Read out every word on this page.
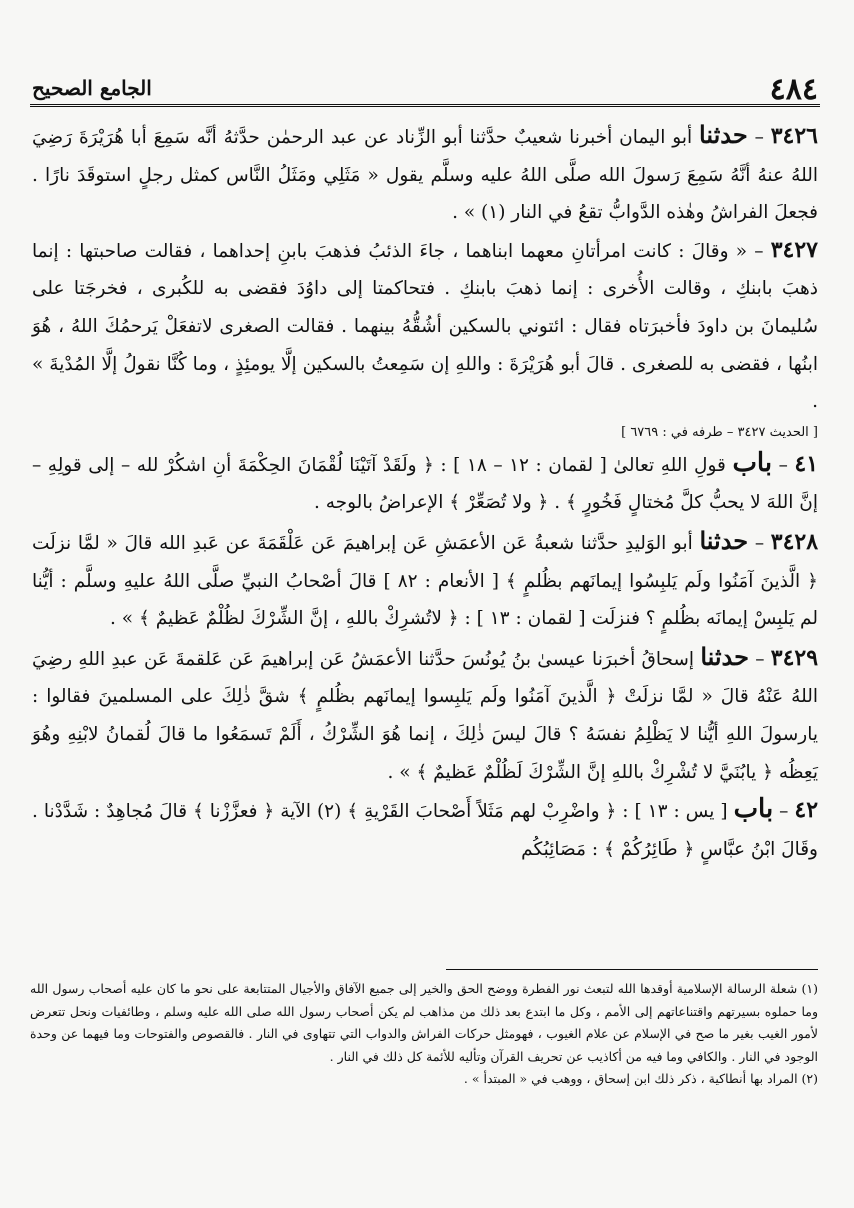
٤٨٤
الجامع الصحيح

٣٤٢٦ – حدثنا أبو اليمان أخبرنا شعيبٌ حدَّثنا أبو الزِّناد عن عبد الرحمٰن حدَّثهُ أنَّه سَمِعَ أبا هُرَيْرَةَ رَضِيَ اللهُ عنهُ أنَّهُ سَمِعَ رَسولَ الله صلَّى اللهُ عليه وسلَّم يقول « مَثَلِي ومَثَلُ النَّاس كمثل رجلٍ استوقَدَ نارًا . فجعلَ الفراشُ وهٰذه الدَّوابُّ تقعُ في النار (١) » .

٣٤٢٧ – « وقالَ : كانت امرأتانِ معهما ابناهما ، جاءَ الذئبُ فذهبَ بابنِ إحداهما ، فقالت صاحبتها : إنما ذهبَ بابنكِ ، وقالت الأُخرى : إنما ذهبَ بابنكِ . فتحاكمتا إلى داوُدَ فقضى به للكُبرى ، فخرجَتا على سُليمانَ بن داودَ فأخبرَتاه فقال : ائتوني بالسكين أشُقُّهُ بينهما . فقالت الصغرى لاتفعَلْ يَرحمُكَ اللهُ ، هُوَ ابنُها ، فقضى به للصغرى . قالَ أبو هُرَيْرَةَ : واللهِ إن سَمِعتُ بالسكين إلَّا يومئِذٍ ، وما كُنَّا نقولُ إلَّا المُدْيةَ » .
[ الحديث ٣٤٢٧ – طرفه في : ٦٧٦٩ ]

٤١ – باب قولِ اللهِ تعالىٰ [ لقمان : ١٢ – ١٨ ] : ﴿ ولَقَدْ آتَيْنَا لُقْمَانَ الحِكْمَةَ أنِ اشكُرْ لله – إلى قولِهِ – إنَّ اللهَ لا يحبُّ كلَّ مُختالٍ فَخُورٍ ﴾ . ﴿ ولا تُصَعِّرْ ﴾ الإعراضُ بالوجه .

٣٤٢٨ – حدثنا أبو الوَليدِ حدَّثنا شعبةُ عَن الأعمَشِ عَن إبراهيمَ عَن عَلْقَمَةَ عن عَبدِ الله قالَ « لمَّا نزلَت ﴿ الَّذينَ آمَنُوا ولَم يَلبِسُوا إيمانَهم بظُلمٍ ﴾ [ الأنعام : ٨٢ ] قالَ أصْحابُ النبيِّ صلَّى اللهُ عليهِ وسلَّم : أيُّنا لم يَلبِسْ إيمانَه بظُلمٍ ؟ فنزلَت [ لقمان : ١٣ ] : ﴿ لاتُشرِكْ باللهِ ، إنَّ الشِّرْكَ لظُلْمٌ عَظيمٌ ﴾ » .

٣٤٢٩ – حدثنا إسحاقُ أخبرَنا عيسىٰ بنُ يُونُسَ حدَّثنا الأعمَشُ عَن إبراهيمَ عَن عَلقمةَ عَن عبدِ اللهِ رضِيَ اللهُ عَنْهُ قالَ « لمَّا نزلَتْ ﴿ الَّذينَ آمَنُوا ولَم يَلبِسوا إيمانَهم بظُلمٍ ﴾ شقَّ ذٰلِكَ على المسلمينَ فقالوا : يارسولَ اللهِ أيُّنا لا يَظْلِمُ نفسَهُ ؟ قالَ ليسَ ذٰلِكَ ، إنما هُوَ الشِّرْكُ ، أَلَمْ تَسمَعُوا ما قالَ لُقمانُ لابْنِهِ وهُوَ يَعِظُه ﴿ يابُنَيَّ لا تُشْرِكْ باللهِ إنَّ الشِّرْكَ لَظُلْمٌ عَظيمٌ ﴾ » .

٤٢ – باب [ يس : ١٣ ] : ﴿ واضْرِبْ لهم مَثَلاً أَصْحابَ القَرْيةِ ﴾ (٢) الآية ﴿ فعزَّزْنا ﴾ قالَ مُجاهِدٌ : شَدَّدْنا . وقَالَ ابْنُ عبَّاسٍ ﴿ طَائِرُكُمْ ﴾ : مَصَائِبُكُم

(١) شعلة الرسالة الإسلامية أوقدها الله لتبعث نور الفطرة ووضح الحق والخير إلى جميع الآفاق والأجيال المتتابعة على نحو ما كان عليه أصحاب رسول الله وما حملوه بسيرتهم واقتناعاتهم إلى الأمم ، وكل ما ابتدع بعد ذلك من مذاهب لم يكن أصحاب رسول الله صلى الله عليه وسلم ، وطائفيات ونحل تتعرض لأمور الغيب بغير ما صح في الإسلام عن علام الغيوب ، فهومثل حركات الفراش والدواب التي تتهاوى في النار . فالقصوص والفتوحات وما فيهما عن وحدة الوجود في النار . والكافي وما فيه من أكاذيب عن تحريف القرآن وتأليه للأئمة كل ذلك في النار .

(٢) المراد بها أنطاكية ، ذكر ذلك ابن إسحاق ، ووهب في « المبتدأ » .
